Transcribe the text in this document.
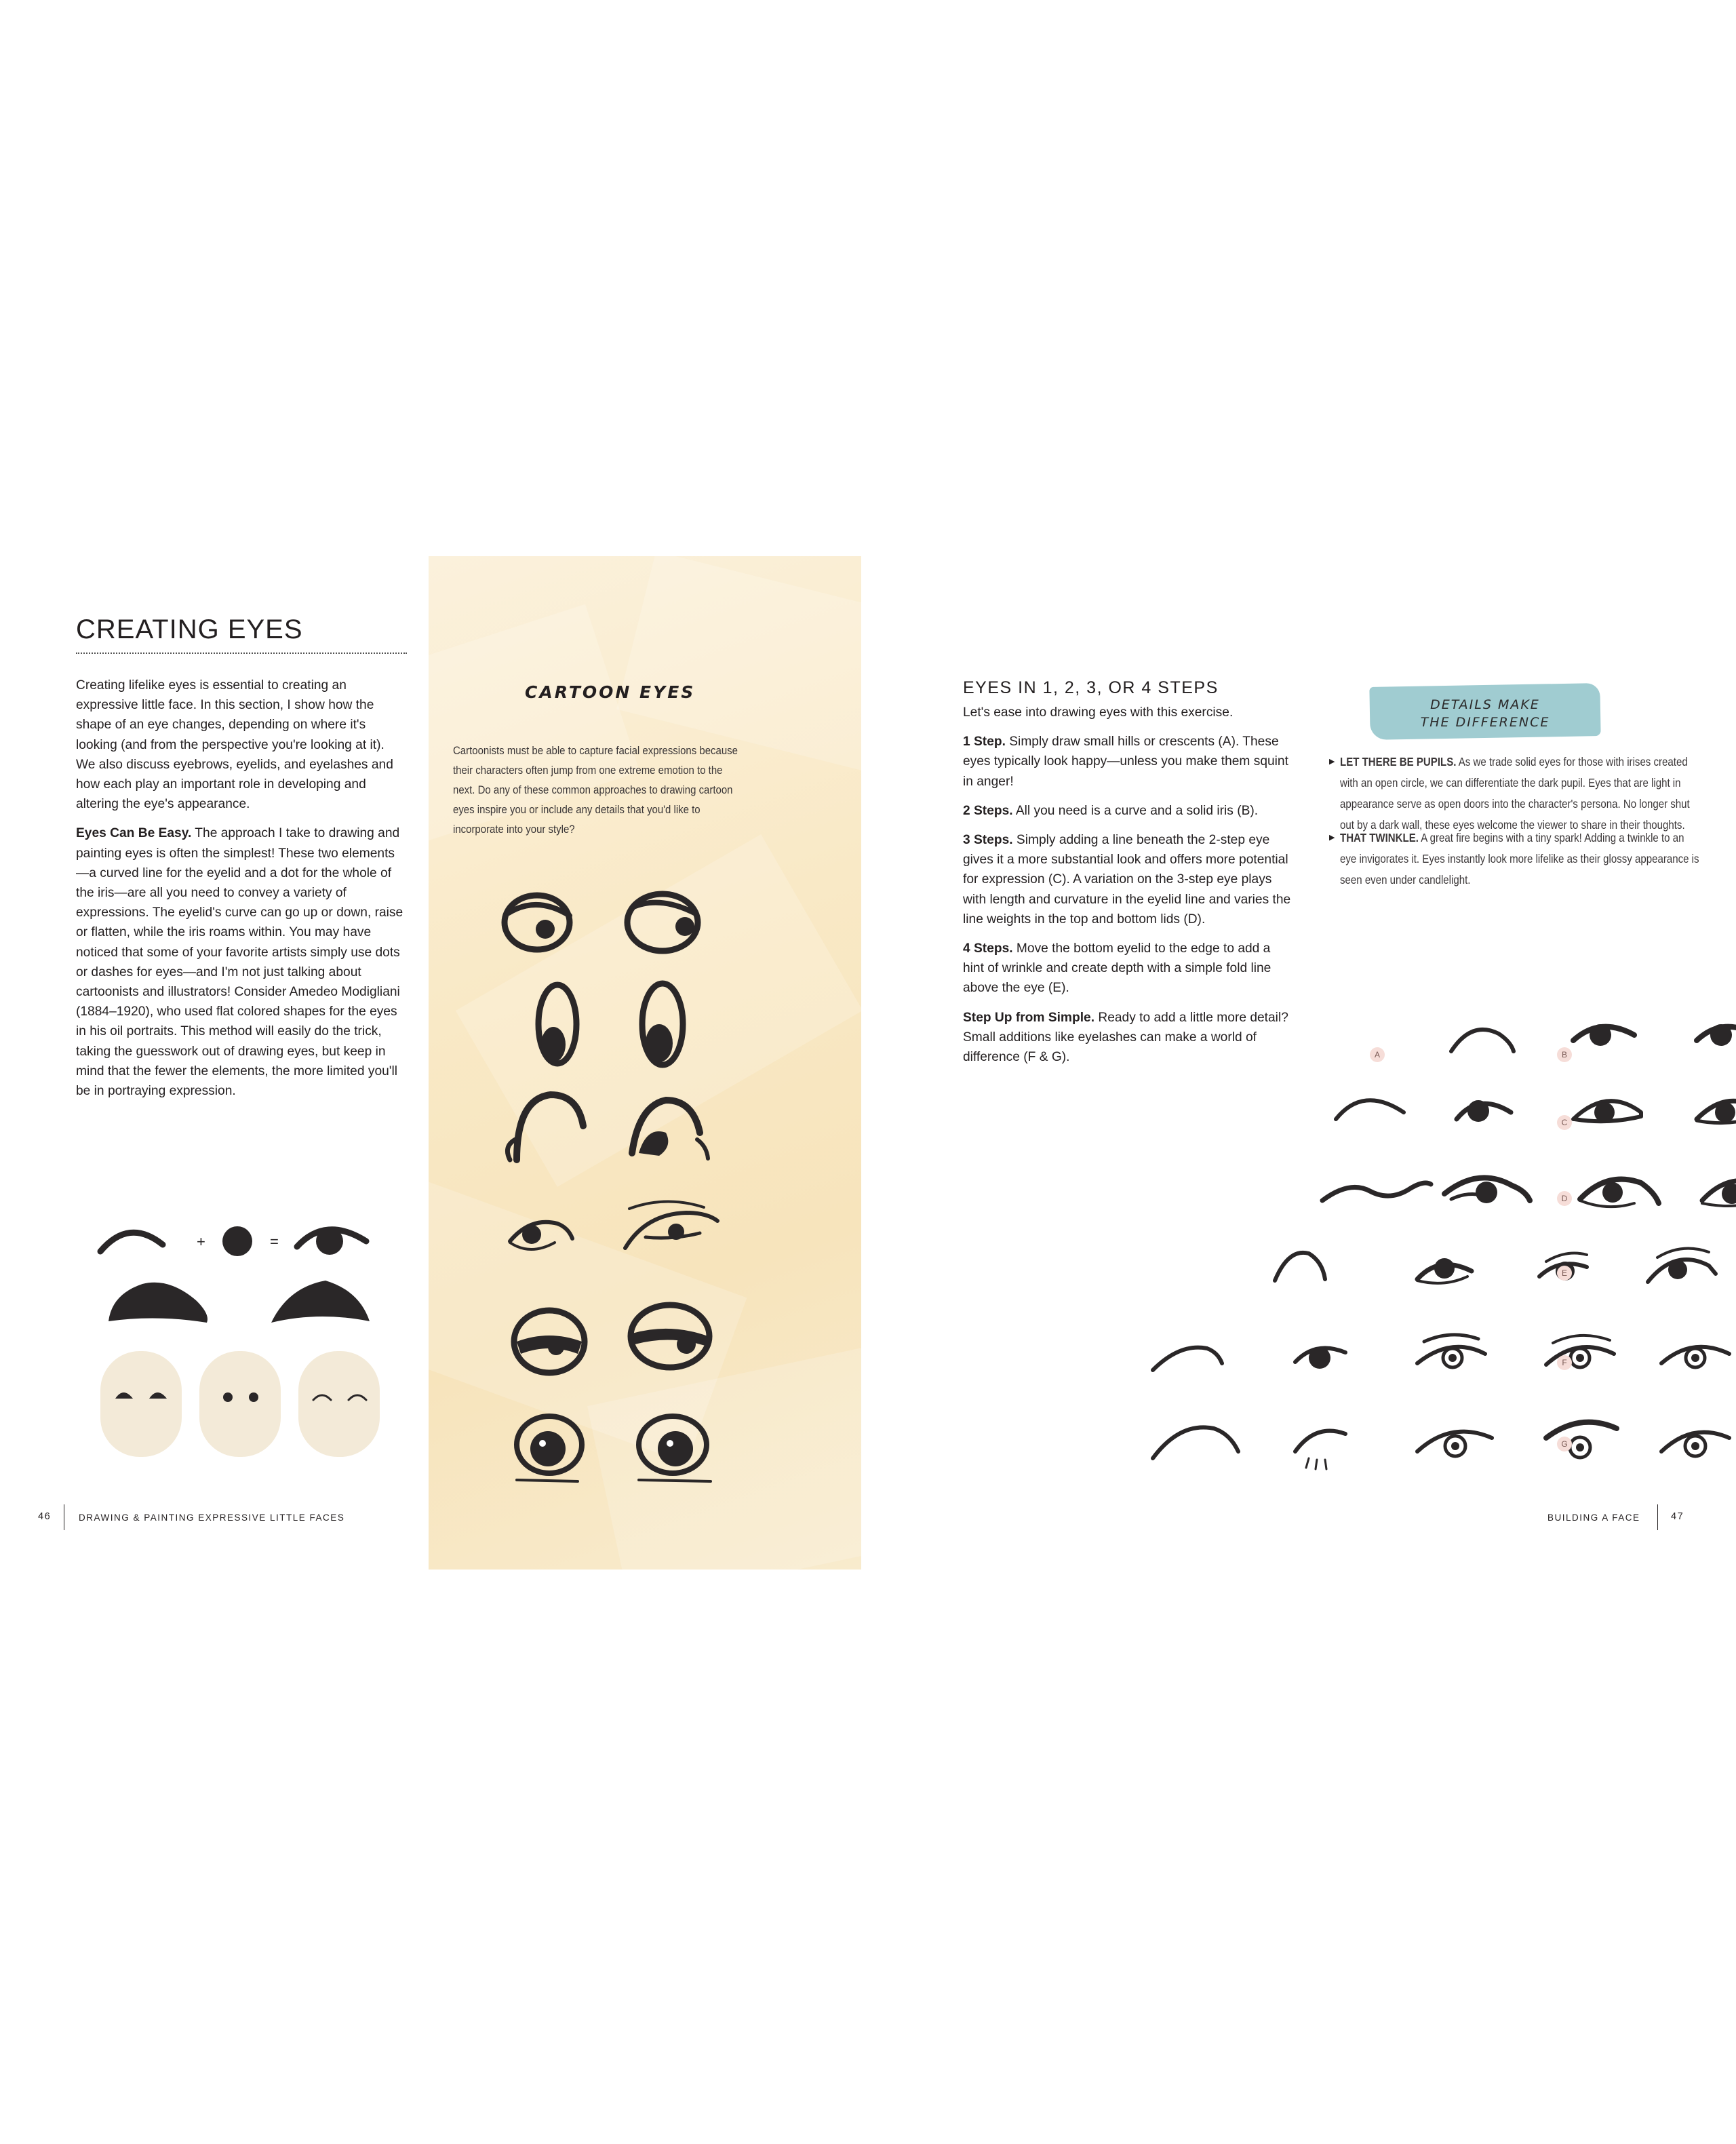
CREATING EYES

Creating lifelike eyes is essential to creating an expressive little face. In this section, I show how the shape of an eye changes, depending on where it's looking (and from the perspective you're looking at it). We also discuss eyebrows, eyelids, and eyelashes and how each play an important role in developing and altering the eye's appearance.

Eyes Can Be Easy. The approach I take to drawing and painting eyes is often the simplest! These two elements—a curved line for the eyelid and a dot for the whole of the iris—are all you need to convey a variety of expressions. The eyelid's curve can go up or down, raise or flatten, while the iris roams within. You may have noticed that some of your favorite artists simply use dots or dashes for eyes—and I'm not just talking about cartoonists and illustrators! Consider Amedeo Modigliani (1884–1920), who used flat colored shapes for the eyes in his oil portraits. This method will easily do the trick, taking the guesswork out of drawing eyes, but keep in mind that the fewer the elements, the more limited you'll be in portraying expression.

+	=
46	DRAWING & PAINTING EXPRESSIVE LITTLE FACES
CARTOON EYES

Cartoonists must be able to capture facial expressions because their characters often jump from one extreme emotion to the next. Do any of these common approaches to drawing cartoon eyes inspire you or include any details that you'd like to incorporate into your style?

EYES IN 1, 2, 3, OR 4 STEPS

Let's ease into drawing eyes with this exercise.

1 Step. Simply draw small hills or crescents (A). These eyes typically look happy—unless you make them squint in anger!

2 Steps. All you need is a curve and a solid iris (B).

3 Steps. Simply adding a line beneath the 2-step eye gives it a more substantial look and offers more potential for expression (C). A variation on the 3-step eye plays with length and curvature in the eyelid line and varies the line weights in the top and bottom lids (D).

4 Steps. Move the bottom eyelid to the edge to add a hint of wrinkle and create depth with a simple fold line above the eye (E).

Step Up from Simple. Ready to add a little more detail? Small additions like eyelashes can make a world of difference (F & G).

DETAILS MAKE
THE DIFFERENCE
▶ LET THERE BE PUPILS. As we trade solid eyes for those with irises created with an open circle, we can differentiate the dark pupil. Eyes that are light in appearance serve as open doors into the character's persona. No longer shut out by a dark wall, these eyes welcome the viewer to share in their thoughts.

▶ THAT TWINKLE. A great fire begins with a tiny spark! Adding a twinkle to an eye invigorates it. Eyes instantly look more lifelike as their glossy appearance is seen even under candlelight.

A	B
C
D
E
F
G
BUILDING A FACE	47
